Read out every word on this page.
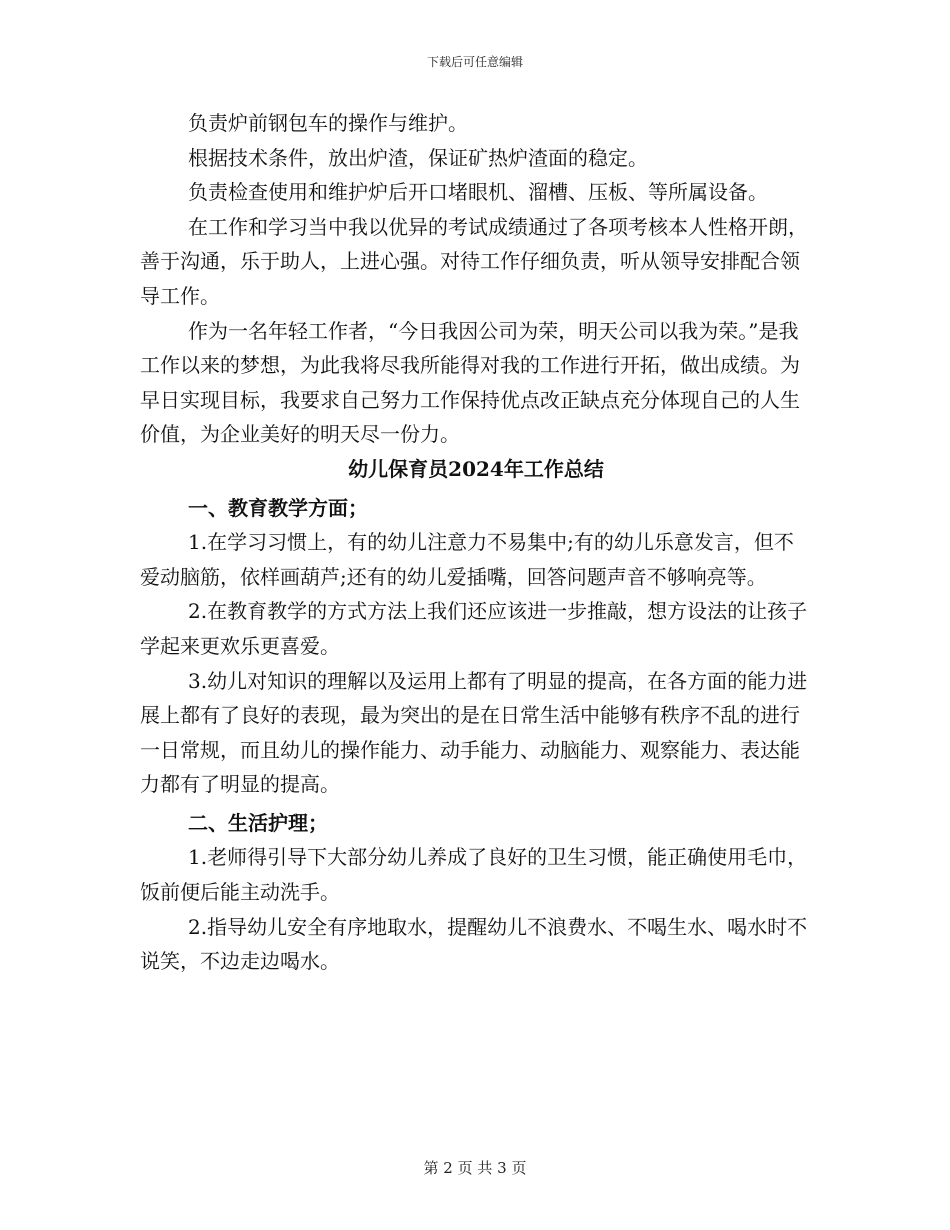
下载后可任意编辑

负责炉前钢包车的操作与维护。

根据技术条件，放出炉渣，保证矿热炉渣面的稳定。

负责检查使用和维护炉后开口堵眼机、溜槽、压板、等所属设备。

在工作和学习当中我以优异的考试成绩通过了各项考核本人性格开朗，善于沟通，乐于助人，上进心强。对待工作仔细负责，听从领导安排配合领导工作。

作为一名年轻工作者，“今日我因公司为荣，明天公司以我为荣。”是我工作以来的梦想，为此我将尽我所能得对我的工作进行开拓，做出成绩。为早日实现目标，我要求自己努力工作保持优点改正缺点充分体现自己的人生价值，为企业美好的明天尽一份力。

幼儿保育员2024年工作总结

一、教育教学方面；

1.在学习习惯上，有的幼儿注意力不易集中;有的幼儿乐意发言，但不爱动脑筋，依样画葫芦;还有的幼儿爱插嘴，回答问题声音不够响亮等。

2.在教育教学的方式方法上我们还应该进一步推敲，想方设法的让孩子学起来更欢乐更喜爱。

3.幼儿对知识的理解以及运用上都有了明显的提高，在各方面的能力进展上都有了良好的表现，最为突出的是在日常生活中能够有秩序不乱的进行一日常规，而且幼儿的操作能力、动手能力、动脑能力、观察能力、表达能力都有了明显的提高。

二、生活护理；

1.老师得引导下大部分幼儿养成了良好的卫生习惯，能正确使用毛巾，饭前便后能主动洗手。

2.指导幼儿安全有序地取水，提醒幼儿不浪费水、不喝生水、喝水时不说笑，不边走边喝水。

第 2 页 共 3 页
